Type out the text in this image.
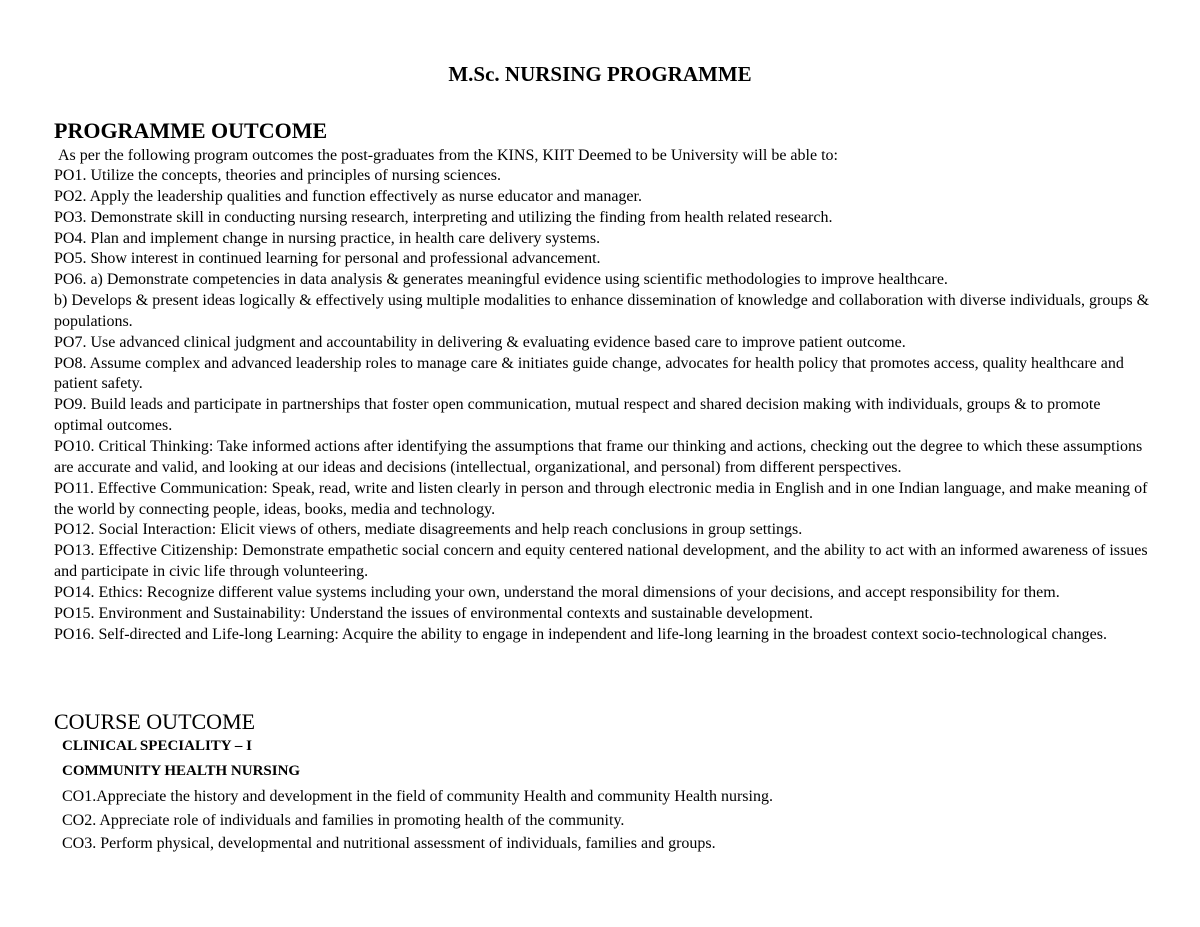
M.Sc. NURSING PROGRAMME
PROGRAMME OUTCOME
As per the following program outcomes the post-graduates from the KINS, KIIT Deemed to be University will be able to:

PO1. Utilize the concepts, theories and principles of nursing sciences.

PO2. Apply the leadership qualities and function effectively as nurse educator and manager.

PO3. Demonstrate skill in conducting nursing research, interpreting and utilizing the finding from health related research.

PO4. Plan and implement change in nursing practice, in health care delivery systems.

PO5. Show interest in continued learning for personal and professional advancement.

PO6. a) Demonstrate competencies in data analysis & generates meaningful evidence using scientific methodologies to improve healthcare.

b) Develops & present ideas logically & effectively using multiple modalities to enhance dissemination of knowledge and collaboration with diverse individuals, groups & populations.

PO7. Use advanced clinical judgment and accountability in delivering & evaluating evidence based care to improve patient outcome.

PO8. Assume complex and advanced leadership roles to manage care & initiates guide change, advocates for health policy that promotes access, quality healthcare and patient safety.

PO9. Build leads and participate in partnerships that foster open communication, mutual respect and shared decision making with individuals, groups & to promote optimal outcomes.

PO10. Critical Thinking: Take informed actions after identifying the assumptions that frame our thinking and actions, checking out the degree to which these assumptions are accurate and valid, and looking at our ideas and decisions (intellectual, organizational, and personal) from different perspectives.

PO11. Effective Communication: Speak, read, write and listen clearly in person and through electronic media in English and in one Indian language, and make meaning of the world by connecting people, ideas, books, media and technology.

PO12. Social Interaction: Elicit views of others, mediate disagreements and help reach conclusions in group settings.

PO13. Effective Citizenship: Demonstrate empathetic social concern and equity centered national development, and the ability to act with an informed awareness of issues and participate in civic life through volunteering.

PO14. Ethics: Recognize different value systems including your own, understand the moral dimensions of your decisions, and accept responsibility for them.

PO15. Environment and Sustainability: Understand the issues of environmental contexts and sustainable development.

PO16. Self-directed and Life-long Learning: Acquire the ability to engage in independent and life-long learning in the broadest context socio-technological changes.

COURSE OUTCOME

CLINICAL SPECIALITY – I

COMMUNITY HEALTH NURSING

CO1.Appreciate the history and development in the field of community Health and community Health nursing.

CO2. Appreciate role of individuals and families in promoting health of the community.

CO3. Perform physical, developmental and nutritional assessment of individuals, families and groups.
